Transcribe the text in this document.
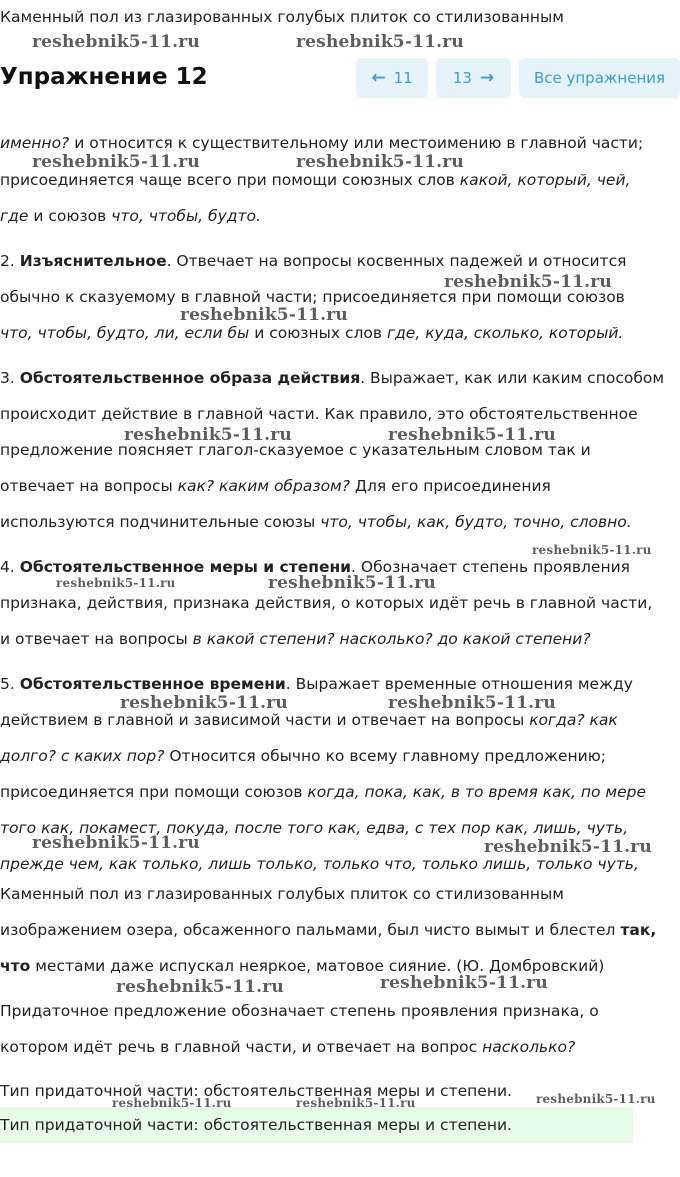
Каменный пол из глазированных голубых плиток со стилизованным
Упражнение 12	← 11	13 →	Все упражнения
именно? и относится к существительному или местоимению в главной части;
присоединяется чаще всего при помощи союзных слов какой, который, чей,
где и союзов что, чтобы, будто.
2. Изъяснительное. Отвечает на вопросы косвенных падежей и относится
обычно к сказуемому в главной части; присоединяется при помощи союзов
что, чтобы, будто, ли, если бы и союзных слов где, куда, сколько, который.
3. Обстоятельственное образа действия. Выражает, как или каким способом
происходит действие в главной части. Как правило, это обстоятельственное
предложение поясняет глагол-сказуемое с указательным словом так и
отвечает на вопросы как? каким образом? Для его присоединения
используются подчинительные союзы что, чтобы, как, будто, точно, словно.
4. Обстоятельственное меры и степени. Обозначает степень проявления
признака, действия, признака действия, о которых идёт речь в главной части,
и отвечает на вопросы в какой степени? насколько? до какой степени?
5. Обстоятельственное времени. Выражает временные отношения между
действием в главной и зависимой части и отвечает на вопросы когда? как
долго? с каких пор? Относится обычно ко всему главному предложению;
присоединяется при помощи союзов когда, пока, как, в то время как, по мере
того как, покамест, покуда, после того как, едва, с тех пор как, лишь, чуть,
прежде чем, как только, лишь только, только что, только лишь, только чуть,
Каменный пол из глазированных голубых плиток со стилизованным
изображением озера, обсаженного пальмами, был чисто вымыт и блестел так,
что местами даже испускал неяркое, матовое сияние. (Ю. Домбровский)
Придаточное предложение обозначает степень проявления признака, о
котором идёт речь в главной части, и отвечает на вопрос насколько?
Тип придаточной части: обстоятельственная меры и степени.
Тип придаточной части: обстоятельственная меры и степени.
reshebnik5-11.ru	reshebnik5-11.ru
reshebnik5-11.ru	reshebnik5-11.ru
reshebnik5-11.ru
reshebnik5-11.ru
reshebnik5-11.ru	reshebnik5-11.ru
reshebnik5-11.ru
reshebnik5-11.ru	reshebnik5-11.ru
reshebnik5-11.ru	reshebnik5-11.ru
reshebnik5-11.ru	reshebnik5-11.ru
reshebnik5-11.ru	reshebnik5-11.ru
reshebnik5-11.ru	reshebnik5-11.ru	reshebnik5-11.ru
